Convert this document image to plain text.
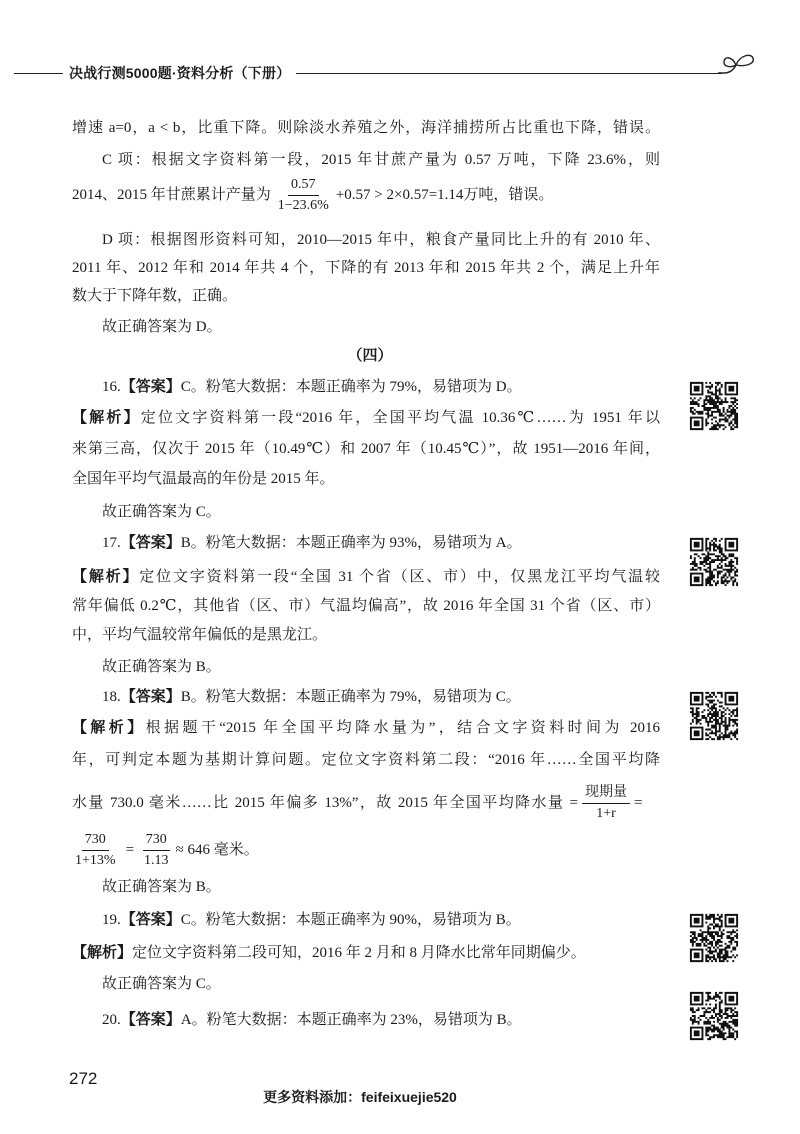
决战行测5000题·资料分析（下册）
增速 a=0，a < b，比重下降。则除淡水养殖之外，海洋捕捞所占比重也下降，错误。
C 项：根据文字资料第一段，2015 年甘蔗产量为 0.57 万吨，下降 23.6%，则
2014、2015 年甘蔗累计产量为 $\frac{0.57}{1-23.6\%} +0.57 > 2\times 0.57=1.14$万吨，错误。
D 项：根据图形资料可知，2010—2015 年中，粮食产量同比上升的有 2010 年、
2011 年、2012 年和 2014 年共 4 个，下降的有 2013 年和 2015 年共 2 个，满足上升年
数大于下降年数，正确。
故正确答案为 D。
（四）
16.【答案】C。粉笔大数据：本题正确率为 79%，易错项为 D。
【解析】定位文字资料第一段“2016 年，全国平均气温 10.36℃……为 1951 年以
来第三高，仅次于 2015 年（10.49℃）和 2007 年（10.45℃）”，故 1951—2016 年间，
全国年平均气温最高的年份是 2015 年。
故正确答案为 C。
17.【答案】B。粉笔大数据：本题正确率为 93%，易错项为 A。
【解析】定位文字资料第一段“全国 31 个省（区、市）中，仅黑龙江平均气温较
常年偏低 0.2℃，其他省（区、市）气温均偏高”，故 2016 年全国 31 个省（区、市）
中，平均气温较常年偏低的是黑龙江。
故正确答案为 B。
18.【答案】B。粉笔大数据：本题正确率为 79%，易错项为 C。
【解析】根据题干“2015 年全国平均降水量为”，结合文字资料时间为 2016
年，可判定本题为基期计算问题。定位文字资料第二段：“2016 年……全国平均降
水量 730.0 毫米……比 2015 年偏多 13%”，故 2015 年全国平均降水量 = $\frac{\text{现期量}}{1+r}$ =
$\frac{730}{1+13\%} = \frac{730}{1.13} \approx 646$ 毫米。
故正确答案为 B。
19.【答案】C。粉笔大数据：本题正确率为 90%，易错项为 B。
【解析】定位文字资料第二段可知，2016 年 2 月和 8 月降水比常年同期偏少。
故正确答案为 C。
20.【答案】A。粉笔大数据：本题正确率为 23%，易错项为 B。
272
更多资料添加：feifeixuejie520
